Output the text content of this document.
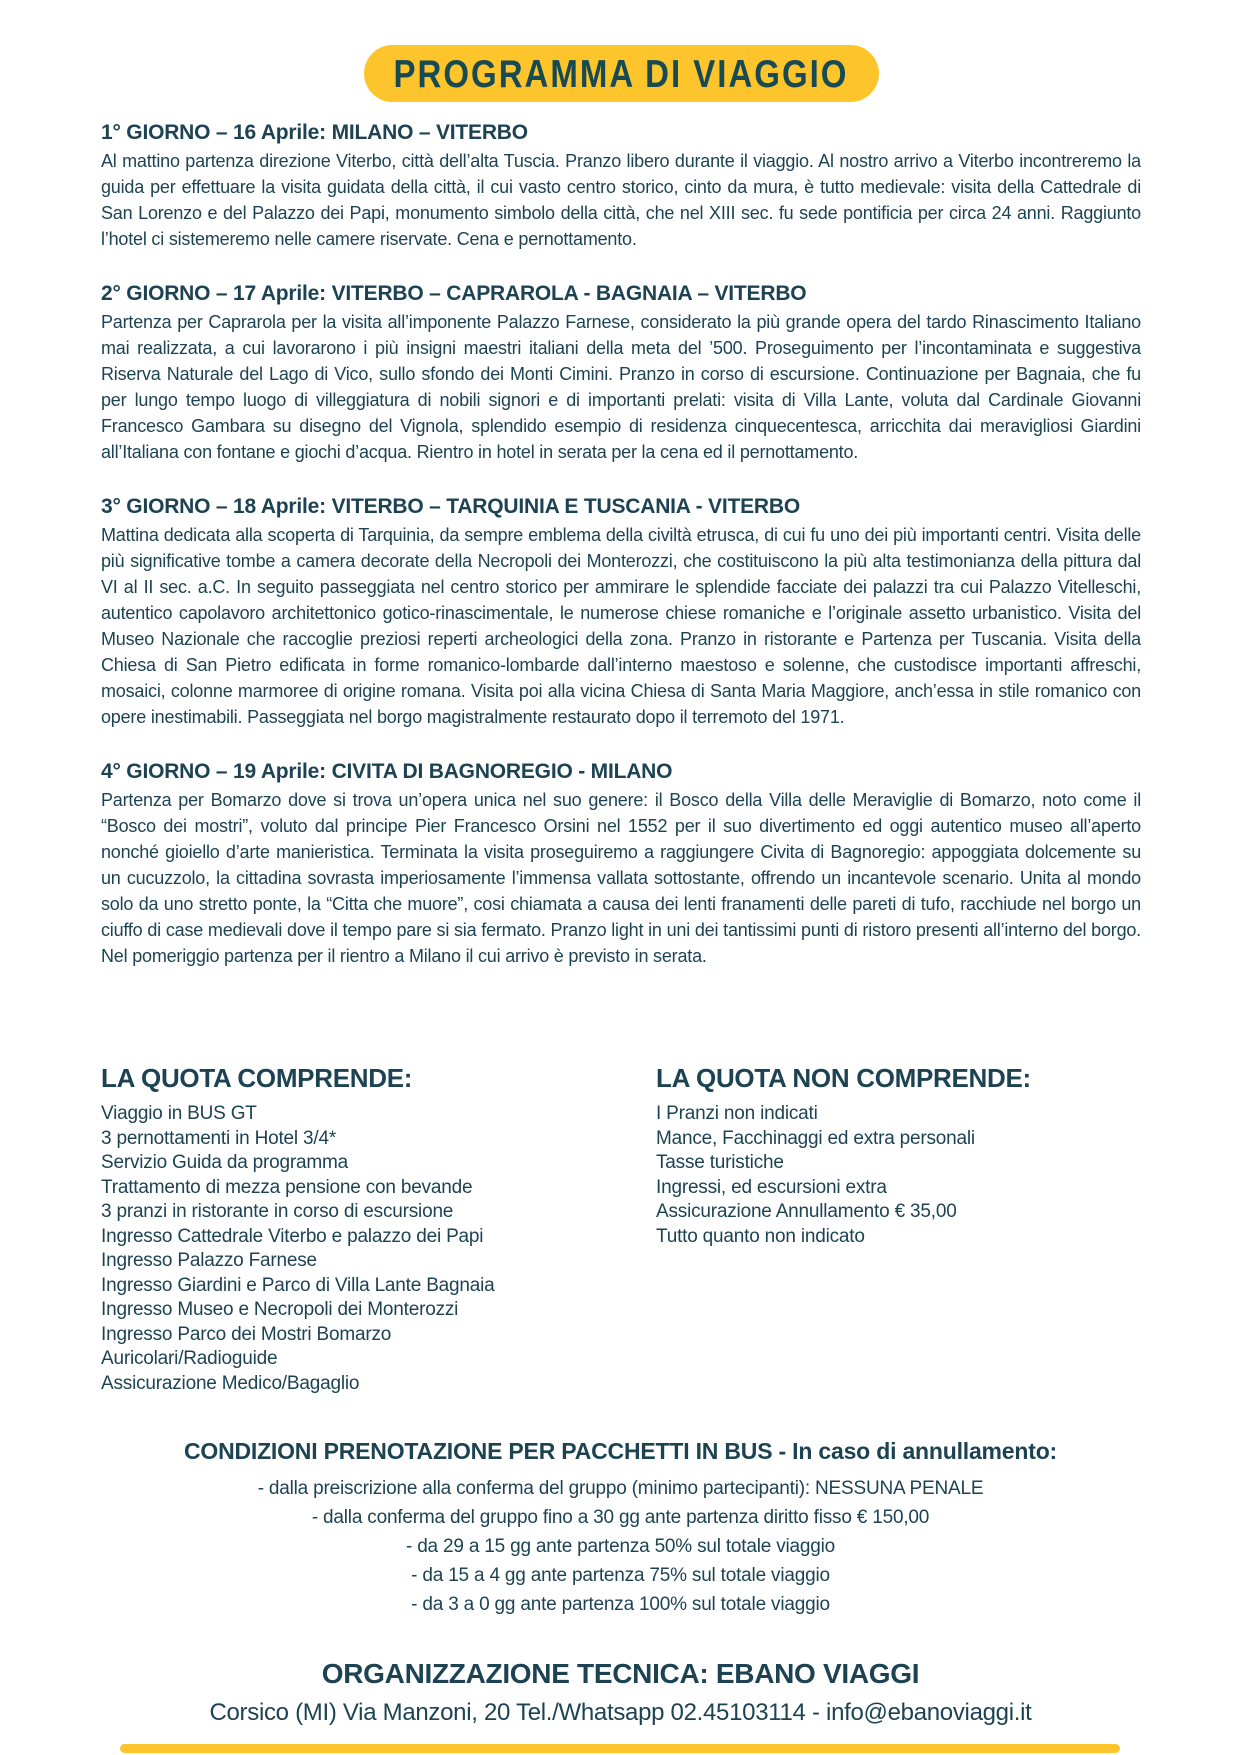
PROGRAMMA DI VIAGGIO
1° GIORNO – 16 Aprile: MILANO – VITERBO

Al mattino partenza direzione Viterbo, città dell’alta Tuscia. Pranzo libero durante il viaggio. Al nostro arrivo a Viterbo incontreremo la guida per effettuare la visita guidata della città, il cui vasto centro storico, cinto da mura, è tutto medievale: visita della Cattedrale di San Lorenzo e del Palazzo dei Papi, monumento simbolo della città, che nel XIII sec. fu sede pontificia per circa 24 anni. Raggiunto l’hotel ci sistemeremo nelle camere riservate. Cena e pernottamento.

2° GIORNO – 17 Aprile: VITERBO – CAPRAROLA - BAGNAIA – VITERBO

Partenza per Caprarola per la visita all’imponente Palazzo Farnese, considerato la più grande opera del tardo Rinascimento Italiano mai realizzata, a cui lavorarono i più insigni maestri italiani della meta del ’500. Proseguimento per l’incontaminata e suggestiva Riserva Naturale del Lago di Vico, sullo sfondo dei Monti Cimini. Pranzo in corso di escursione. Continuazione per Bagnaia, che fu per lungo tempo luogo di villeggiatura di nobili signori e di importanti prelati: visita di Villa Lante, voluta dal Cardinale Giovanni Francesco Gambara su disegno del Vignola, splendido esempio di residenza cinquecentesca, arricchita dai meravigliosi Giardini all’Italiana con fontane e giochi d’acqua. Rientro in hotel in serata per la cena ed il pernottamento.

3° GIORNO – 18 Aprile: VITERBO – TARQUINIA E TUSCANIA - VITERBO

Mattina dedicata alla scoperta di Tarquinia, da sempre emblema della civiltà etrusca, di cui fu uno dei più importanti centri. Visita delle più significative tombe a camera decorate della Necropoli dei Monterozzi, che costituiscono la più alta testimonianza della pittura dal VI al II sec. a.C. In seguito passeggiata nel centro storico per ammirare le splendide facciate dei palazzi tra cui Palazzo Vitelleschi, autentico capolavoro architettonico gotico-rinascimentale, le numerose chiese romaniche e l’originale assetto urbanistico. Visita del Museo Nazionale che raccoglie preziosi reperti archeologici della zona. Pranzo in ristorante e Partenza per Tuscania. Visita della Chiesa di San Pietro edificata in forme romanico-lombarde dall’interno maestoso e solenne, che custodisce importanti affreschi, mosaici, colonne marmoree di origine romana. Visita poi alla vicina Chiesa di Santa Maria Maggiore, anch’essa in stile romanico con opere inestimabili. Passeggiata nel borgo magistralmente restaurato dopo il terremoto del 1971.

4° GIORNO – 19 Aprile: CIVITA DI BAGNOREGIO - MILANO

Partenza per Bomarzo dove si trova un’opera unica nel suo genere: il Bosco della Villa delle Meraviglie di Bomarzo, noto come il “Bosco dei mostri”, voluto dal principe Pier Francesco Orsini nel 1552 per il suo divertimento ed oggi autentico museo all’aperto nonché gioiello d’arte manieristica. Terminata la visita proseguiremo a raggiungere Civita di Bagnoregio: appoggiata dolcemente su un cucuzzolo, la cittadina sovrasta imperiosamente l’immensa vallata sottostante, offrendo un incantevole scenario. Unita al mondo solo da uno stretto ponte, la “Citta che muore”, cosi chiamata a causa dei lenti franamenti delle pareti di tufo, racchiude nel borgo un ciuffo di case medievali dove il tempo pare si sia fermato. Pranzo light in uni dei tantissimi punti di ristoro presenti all’interno del borgo. Nel pomeriggio partenza per il rientro a Milano il cui arrivo è previsto in serata.

LA QUOTA COMPRENDE:
Viaggio in BUS GT
3 pernottamenti in Hotel 3/4*
Servizio Guida da programma
Trattamento di mezza pensione con bevande
3 pranzi in ristorante in corso di escursione
Ingresso Cattedrale Viterbo e palazzo dei Papi
Ingresso Palazzo Farnese
Ingresso Giardini e Parco di Villa Lante Bagnaia
Ingresso Museo e Necropoli dei Monterozzi
Ingresso Parco dei Mostri Bomarzo
Auricolari/Radioguide
Assicurazione Medico/Bagaglio
LA QUOTA NON COMPRENDE:
I Pranzi non indicati
Mance, Facchinaggi ed extra personali
Tasse turistiche
Ingressi, ed escursioni extra
Assicurazione Annullamento € 35,00
Tutto quanto non indicato
CONDIZIONI PRENOTAZIONE PER PACCHETTI IN BUS - In caso di annullamento:
- dalla preiscrizione alla conferma del gruppo (minimo partecipanti): NESSUNA PENALE
- dalla conferma del gruppo fino a 30 gg ante partenza diritto fisso € 150,00
- da 29 a 15 gg ante partenza 50% sul totale viaggio
- da 15 a 4 gg ante partenza 75% sul totale viaggio
- da 3 a 0 gg ante partenza 100% sul totale viaggio
ORGANIZZAZIONE TECNICA: EBANO VIAGGI
Corsico (MI) Via Manzoni, 20 Tel./Whatsapp 02.45103114 - info@ebanoviaggi.it
